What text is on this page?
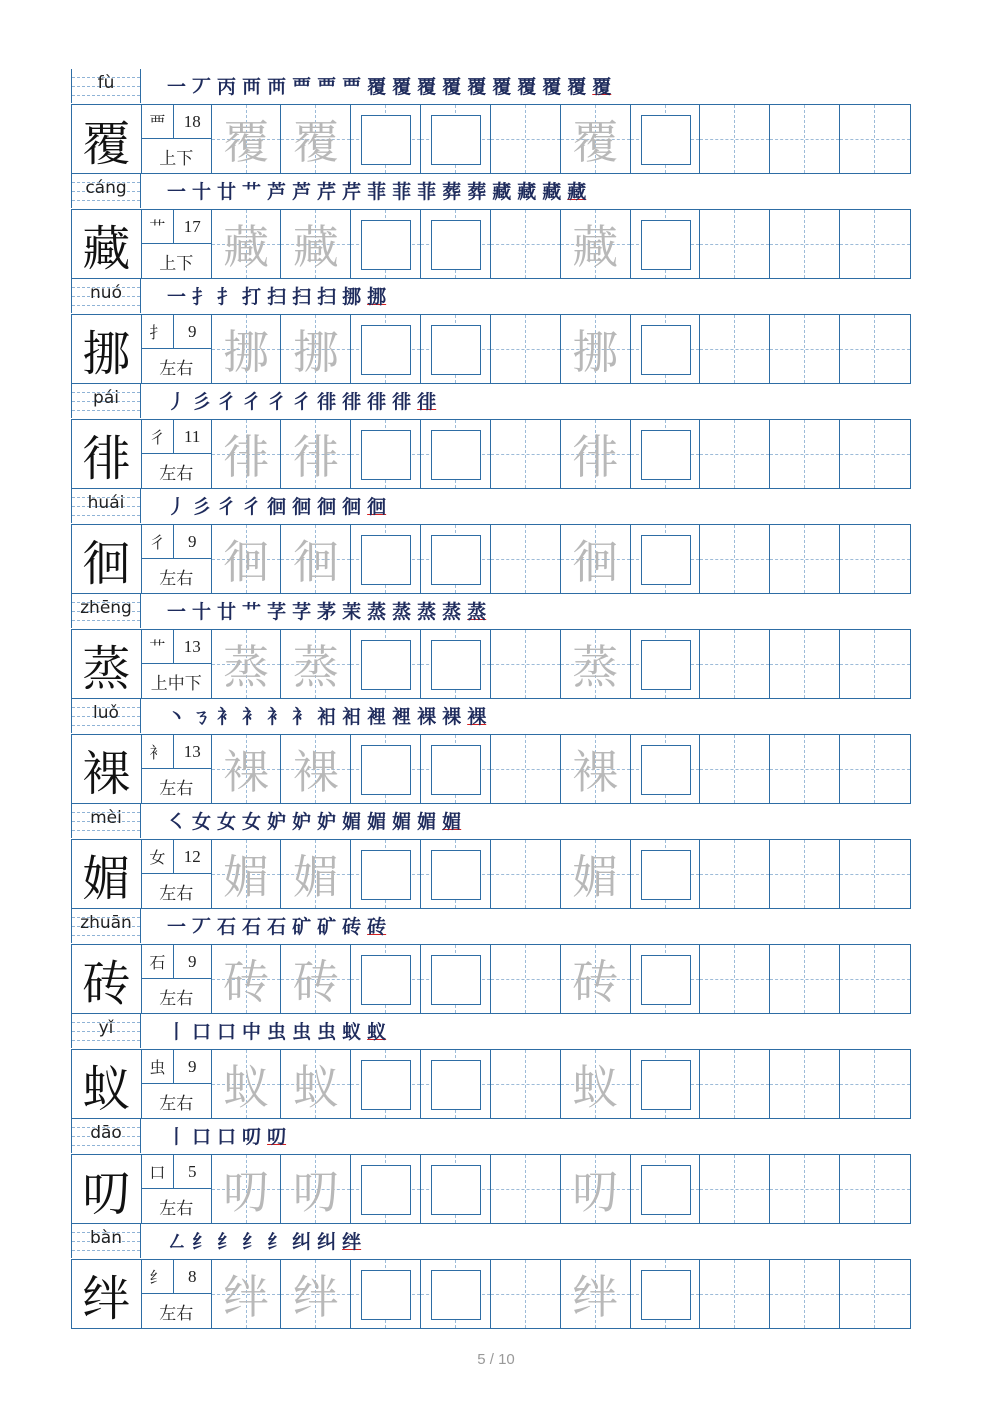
fù	一 丆 丙 襾 襾 覀 覀 覀 覆 覆 覆 覆 覆 覆 覆 覆 覆 覆
覆	覀	18
上下 覆 覆	覆
cáng	一 十 廿 艹 芦 芦 芹 芹 菲 菲 菲 葬 葬 藏 藏 藏 藏
藏	艹	17
上下 藏 藏	藏
nuó	一 扌 扌 打 扫 扫 扫 挪 挪
挪	扌	9
左右 挪 挪	挪
pái	丿 彡 彳 彳 彳 彳 徘 徘 徘 徘 徘
徘	彳	11
左右 徘 徘	徘
huái	丿 彡 彳 彳 徊 徊 徊 徊 徊
徊	彳	9
左右 徊 徊	徊
zhēng	一 十 廿 艹 芓 芓 茅 茉 蒸 蒸 蒸 蒸 蒸
蒸	艹	13
上中下 蒸 蒸	蒸
luǒ	丶 ㄋ 衤 衤 衤 衤 衵 衵 裡 裡 裸 裸 裸
裸	衤	13
左右 裸 裸	裸
mèi	㇛ 女 女 女 妒 妒 妒 媚 媚 媚 媚 媚
媚	女	12
左右 媚 媚	媚
zhuān	一 丆 石 石 石 矿 矿 砖 砖
砖	石	9
左右 砖 砖	砖
yǐ	丨 口 口 中 虫 虫 虫 蚁 蚁
蚁	虫	9
左右 蚁 蚁	蚁
dāo	丨 口 口 叨 叨
叨	口	5
左右 叨 叨	叨
bàn	㇜ 纟 纟 纟 纟 纠 纠 绊
绊	纟	8
左右 绊 绊	绊
5 / 10
